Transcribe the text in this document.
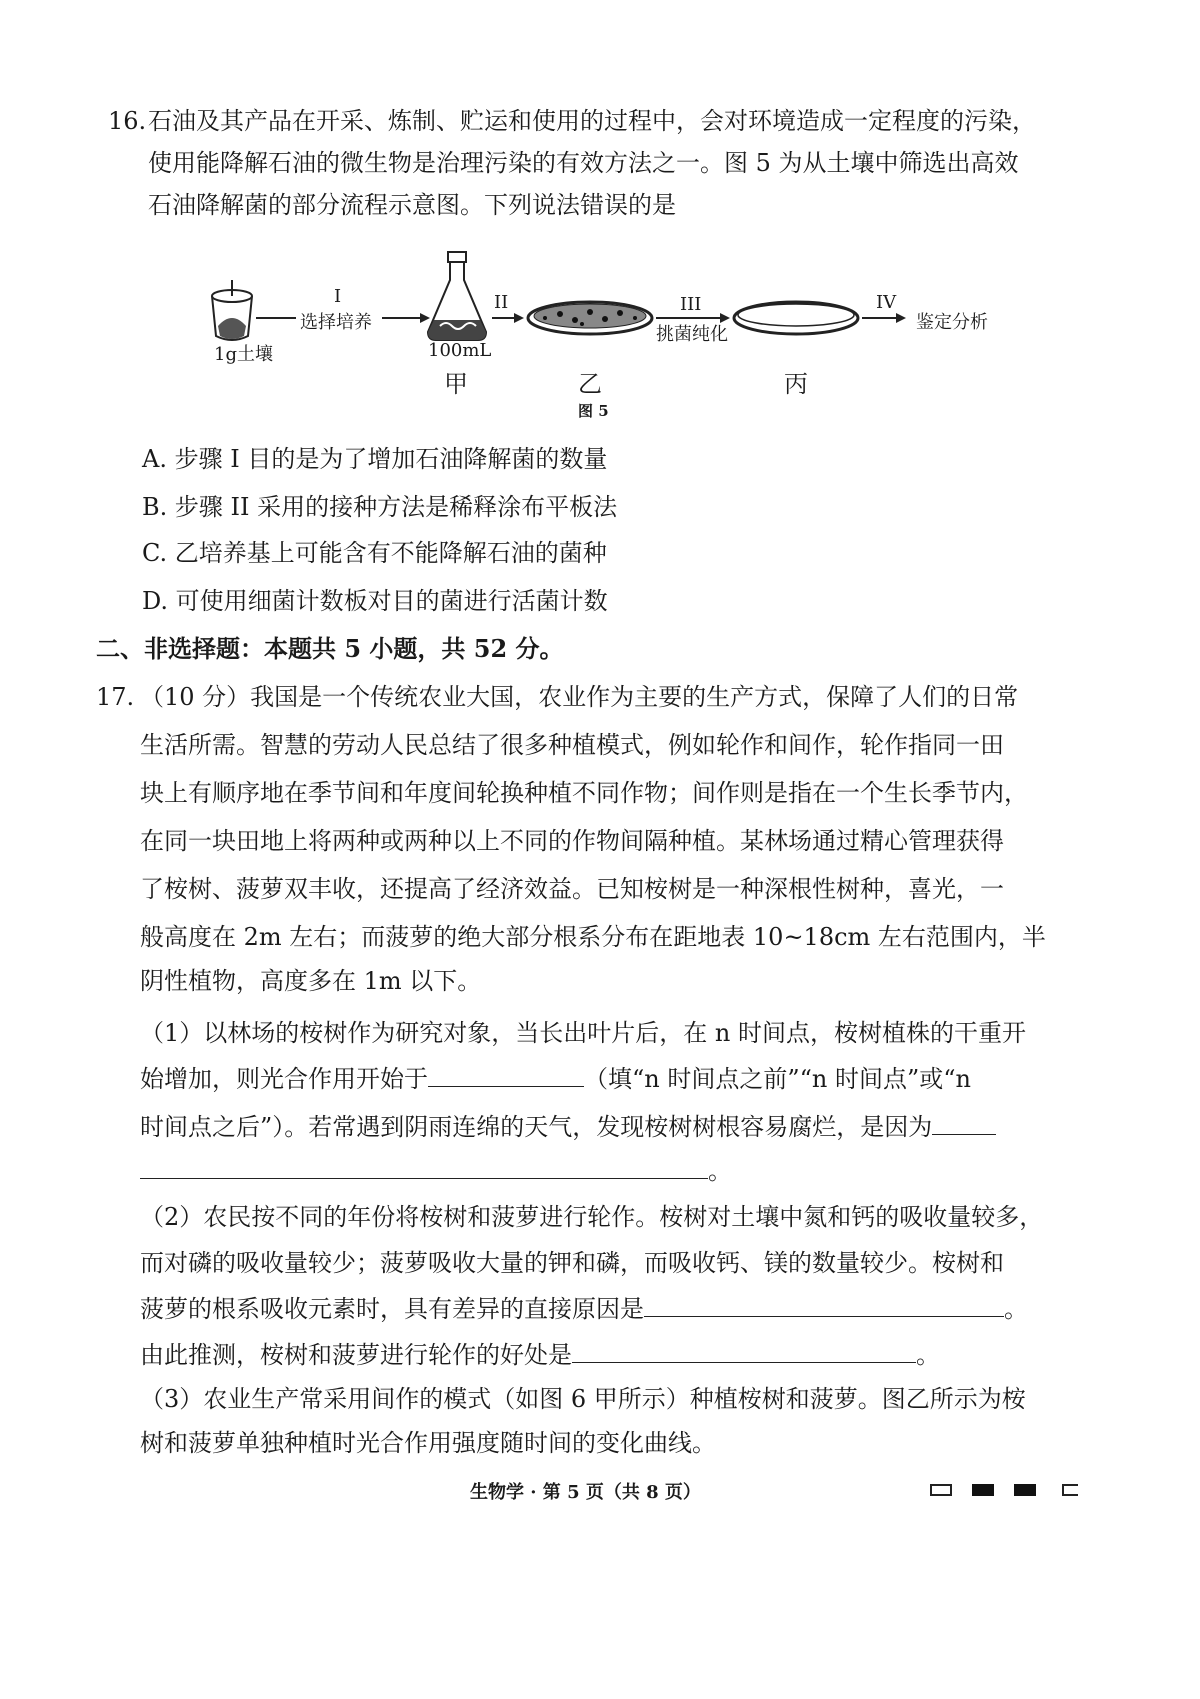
16. 石油及其产品在开采、炼制、贮运和使用的过程中，会对环境造成一定程度的污染，
使用能降解石油的微生物是治理污染的有效方法之一。图 5 为从土壤中筛选出高效
石油降解菌的部分流程示意图。下列说法错误的是
1g土壤
I
选择培养
100mL
II	III
挑菌纯化
IV
鉴定分析
甲	乙	丙
图 5
A. 步骤 I 目的是为了增加石油降解菌的数量
B. 步骤 II 采用的接种方法是稀释涂布平板法
C. 乙培养基上可能含有不能降解石油的菌种
D. 可使用细菌计数板对目的菌进行活菌计数
二、非选择题：本题共 5 小题，共 52 分。
17. （10 分）我国是一个传统农业大国，农业作为主要的生产方式，保障了人们的日常
生活所需。智慧的劳动人民总结了很多种植模式，例如轮作和间作，轮作指同一田
块上有顺序地在季节间和年度间轮换种植不同作物；间作则是指在一个生长季节内，
在同一块田地上将两种或两种以上不同的作物间隔种植。某林场通过精心管理获得
了桉树、菠萝双丰收，还提高了经济效益。已知桉树是一种深根性树种，喜光，一
般高度在 2m 左右；而菠萝的绝大部分根系分布在距地表 10~18cm 左右范围内，半
阴性植物，高度多在 1m 以下。
（1）以林场的桉树作为研究对象，当长出叶片后，在 n 时间点，桉树植株的干重开
始增加，则光合作用开始于	（填“n 时间点之前”“n 时间点”或“n
时间点之后”）。若常遇到阴雨连绵的天气，发现桉树树根容易腐烂，是因为
。
（2）农民按不同的年份将桉树和菠萝进行轮作。桉树对土壤中氮和钙的吸收量较多，
而对磷的吸收量较少；菠萝吸收大量的钾和磷，而吸收钙、镁的数量较少。桉树和
菠萝的根系吸收元素时，具有差异的直接原因是	。
由此推测，桉树和菠萝进行轮作的好处是	。
（3）农业生产常采用间作的模式（如图 6 甲所示）种植桉树和菠萝。图乙所示为桉
树和菠萝单独种植时光合作用强度随时间的变化曲线。
生物学 · 第 5 页（共 8 页）
